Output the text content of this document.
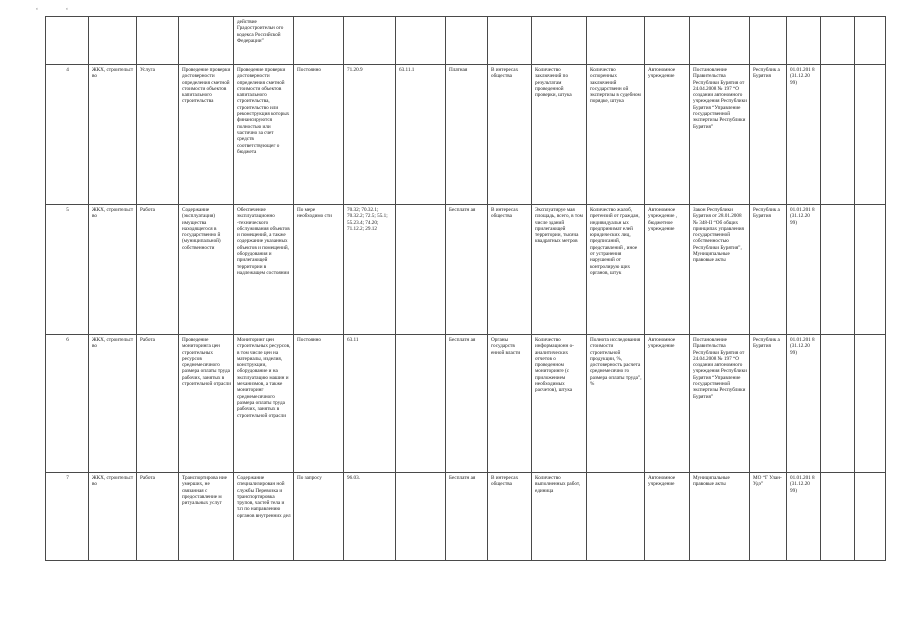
‘	‘
				действие Градостроительн ого кодекса Российской Федерации”													
4	ЖКХ, строительст во	Услуга	Проведение проверки достоверности определения сметной стоимости объектов капитального строительства	Проведение проверки достоверности определения сметной стоимости объектов капитального строительства, строительство или реконструкция которых финансируются полностью или частично за счет средств соответствующег о бюджета	Постоянно	71.20.9	63.11.1	Платная	В интересах общества	Количество заключений по результатам проведенной проверки, штука	Количество оспоренных заключений государственн ой экспертизы в судебном порядке, штука	Автономное учреждение	Постановление Правительства Республики Бурятия от 24.04.2008 № 197 “О создании автономного учреждения Республики Бурятия “Управление государственной экспертизы Республики Бурятия”	Республик а Бурятия	01.01.201 8 (31.12.20 99)		
5	ЖКХ, строительст во	Работа	Содержание (эксплуатация) имущества находящегося в государственно й (муниципальной) собственности	Обеспечение эксплуатационно -технического обслуживания объектов и помещений, а также содержание указанных объектов и помещений, оборудования и прилегающей территории в надлежащем состоянии	По мере необходимо сти	70.32; 70.32.1; 70.32.2; 72.5; 55.1; 55.23.4; 74.20; 71.12.2; 29.12		Бесплатн ая	В интересах общества	Эксплуатируе мая площадь, всего, в том числе зданий прилегающей территории, тысяча квадратных метров	Количество жалоб, претензий от граждан, индивидуальн ых предпринимат елей юридических лиц, предписаний, представлений , иное от устранения нарушений от контролирую щих органов, штук	Автономное учреждение , бюджетное учреждение	Закон Республики Бурятия от 28.01.2008 № 348-II “Об общих принципах управления государственной собственностью Республики Бурятия”, Муниципальные правовые акты	Республик а Бурятия	01.01.201 8 (31.12.20 99)		
6	ЖКХ, строительст во	Работа	Проведение мониторинга цен строительных ресурсов среднемесячного размера оплаты труда рабочих, занятых в строительной отрасли	Мониторинг цен строительных ресурсов, в том числе цен на материалы, изделия, конструкции, оборудование и на эксплуатацию машин и механизмов, а также мониторинг среднемесячного размера оплаты труда рабочих, занятых в строительной отрасли	Постоянно	63.11		Бесплатн ая	Органы государств енной власти	Количество информационн о-аналитических отчетов о проведенном мониторинге (с приложением необходимых расчетов), штука	Полнота исследования стоимости строительной продукции, %, достоверность расчета среднемесячно го размера оплаты труда”, %	Автономное учреждение	Постановление Правительства Республики Бурятия от 24.04.2008 № 197 “О создании автономного учреждения Республики Бурятия “Управление государственной экспертизы Республики Бурятия”	Республик а Бурятия	01.01.201 8 (31.12.20 99)		
7	ЖКХ, строительст во	Работа	Транспортирова ние умерших, не связанная с предоставление м ритуальных услуг	Содержание специализирован ной службы Перевозка и транспортировка трупов, частей тела и т.п по направлению органов внутренних дел	По запросу	96.03.		Бесплатн ая	В интересах общества	Количество выполненных работ, единица		Автономное учреждение	Муниципальные правовые акты	МО “Г Улан-Удэ”	01.01.201 8 (31.12.20 99)		
